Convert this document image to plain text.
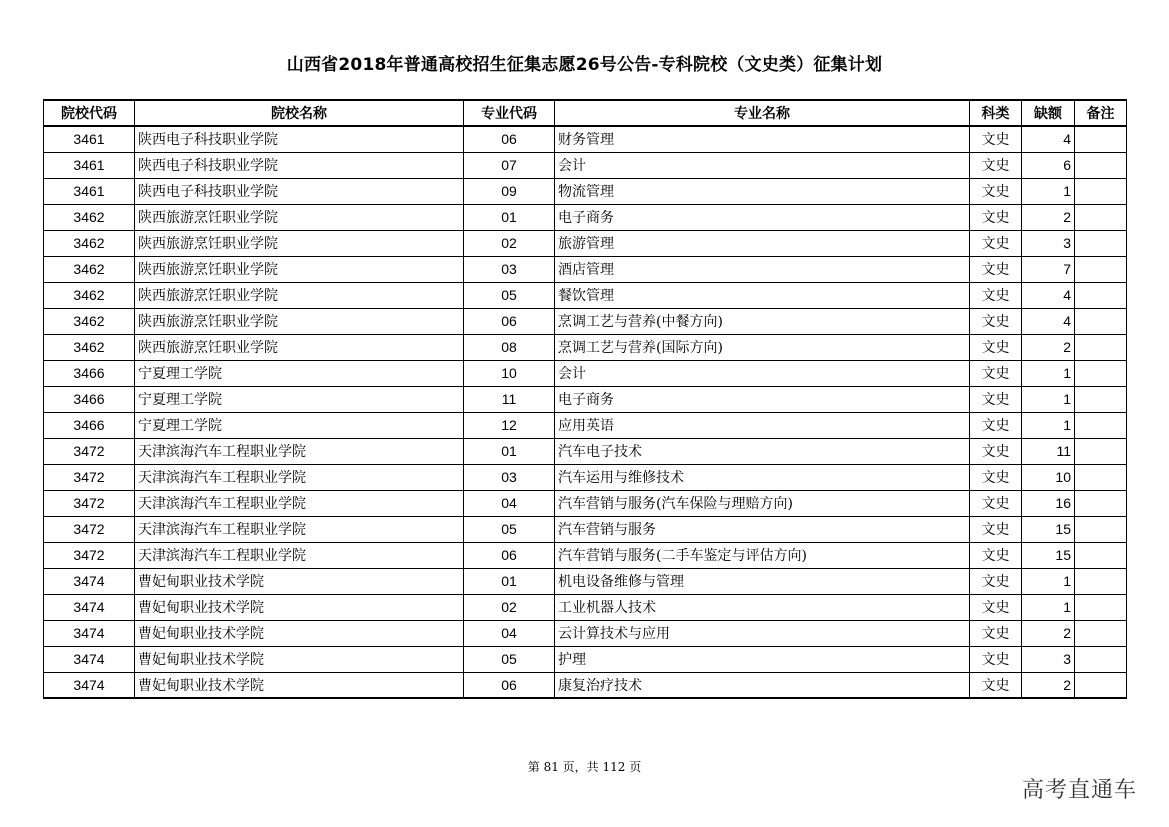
山西省2018年普通高校招生征集志愿26号公告-专科院校（文史类）征集计划
院校代码	院校名称	专业代码	专业名称	科类	缺额	备注
3461	陕西电子科技职业学院	06	财务管理	文史	4	
3461	陕西电子科技职业学院	07	会计	文史	6	
3461	陕西电子科技职业学院	09	物流管理	文史	1	
3462	陕西旅游烹饪职业学院	01	电子商务	文史	2	
3462	陕西旅游烹饪职业学院	02	旅游管理	文史	3	
3462	陕西旅游烹饪职业学院	03	酒店管理	文史	7	
3462	陕西旅游烹饪职业学院	05	餐饮管理	文史	4	
3462	陕西旅游烹饪职业学院	06	烹调工艺与营养(中餐方向)	文史	4	
3462	陕西旅游烹饪职业学院	08	烹调工艺与营养(国际方向)	文史	2	
3466	宁夏理工学院	10	会计	文史	1	
3466	宁夏理工学院	11	电子商务	文史	1	
3466	宁夏理工学院	12	应用英语	文史	1	
3472	天津滨海汽车工程职业学院	01	汽车电子技术	文史	11	
3472	天津滨海汽车工程职业学院	03	汽车运用与维修技术	文史	10	
3472	天津滨海汽车工程职业学院	04	汽车营销与服务(汽车保险与理赔方向)	文史	16	
3472	天津滨海汽车工程职业学院	05	汽车营销与服务	文史	15	
3472	天津滨海汽车工程职业学院	06	汽车营销与服务(二手车鉴定与评估方向)	文史	15	
3474	曹妃甸职业技术学院	01	机电设备维修与管理	文史	1	
3474	曹妃甸职业技术学院	02	工业机器人技术	文史	1	
3474	曹妃甸职业技术学院	04	云计算技术与应用	文史	2	
3474	曹妃甸职业技术学院	05	护理	文史	3	
3474	曹妃甸职业技术学院	06	康复治疗技术	文史	2	
第 81 页，共 112 页
高考直通车
